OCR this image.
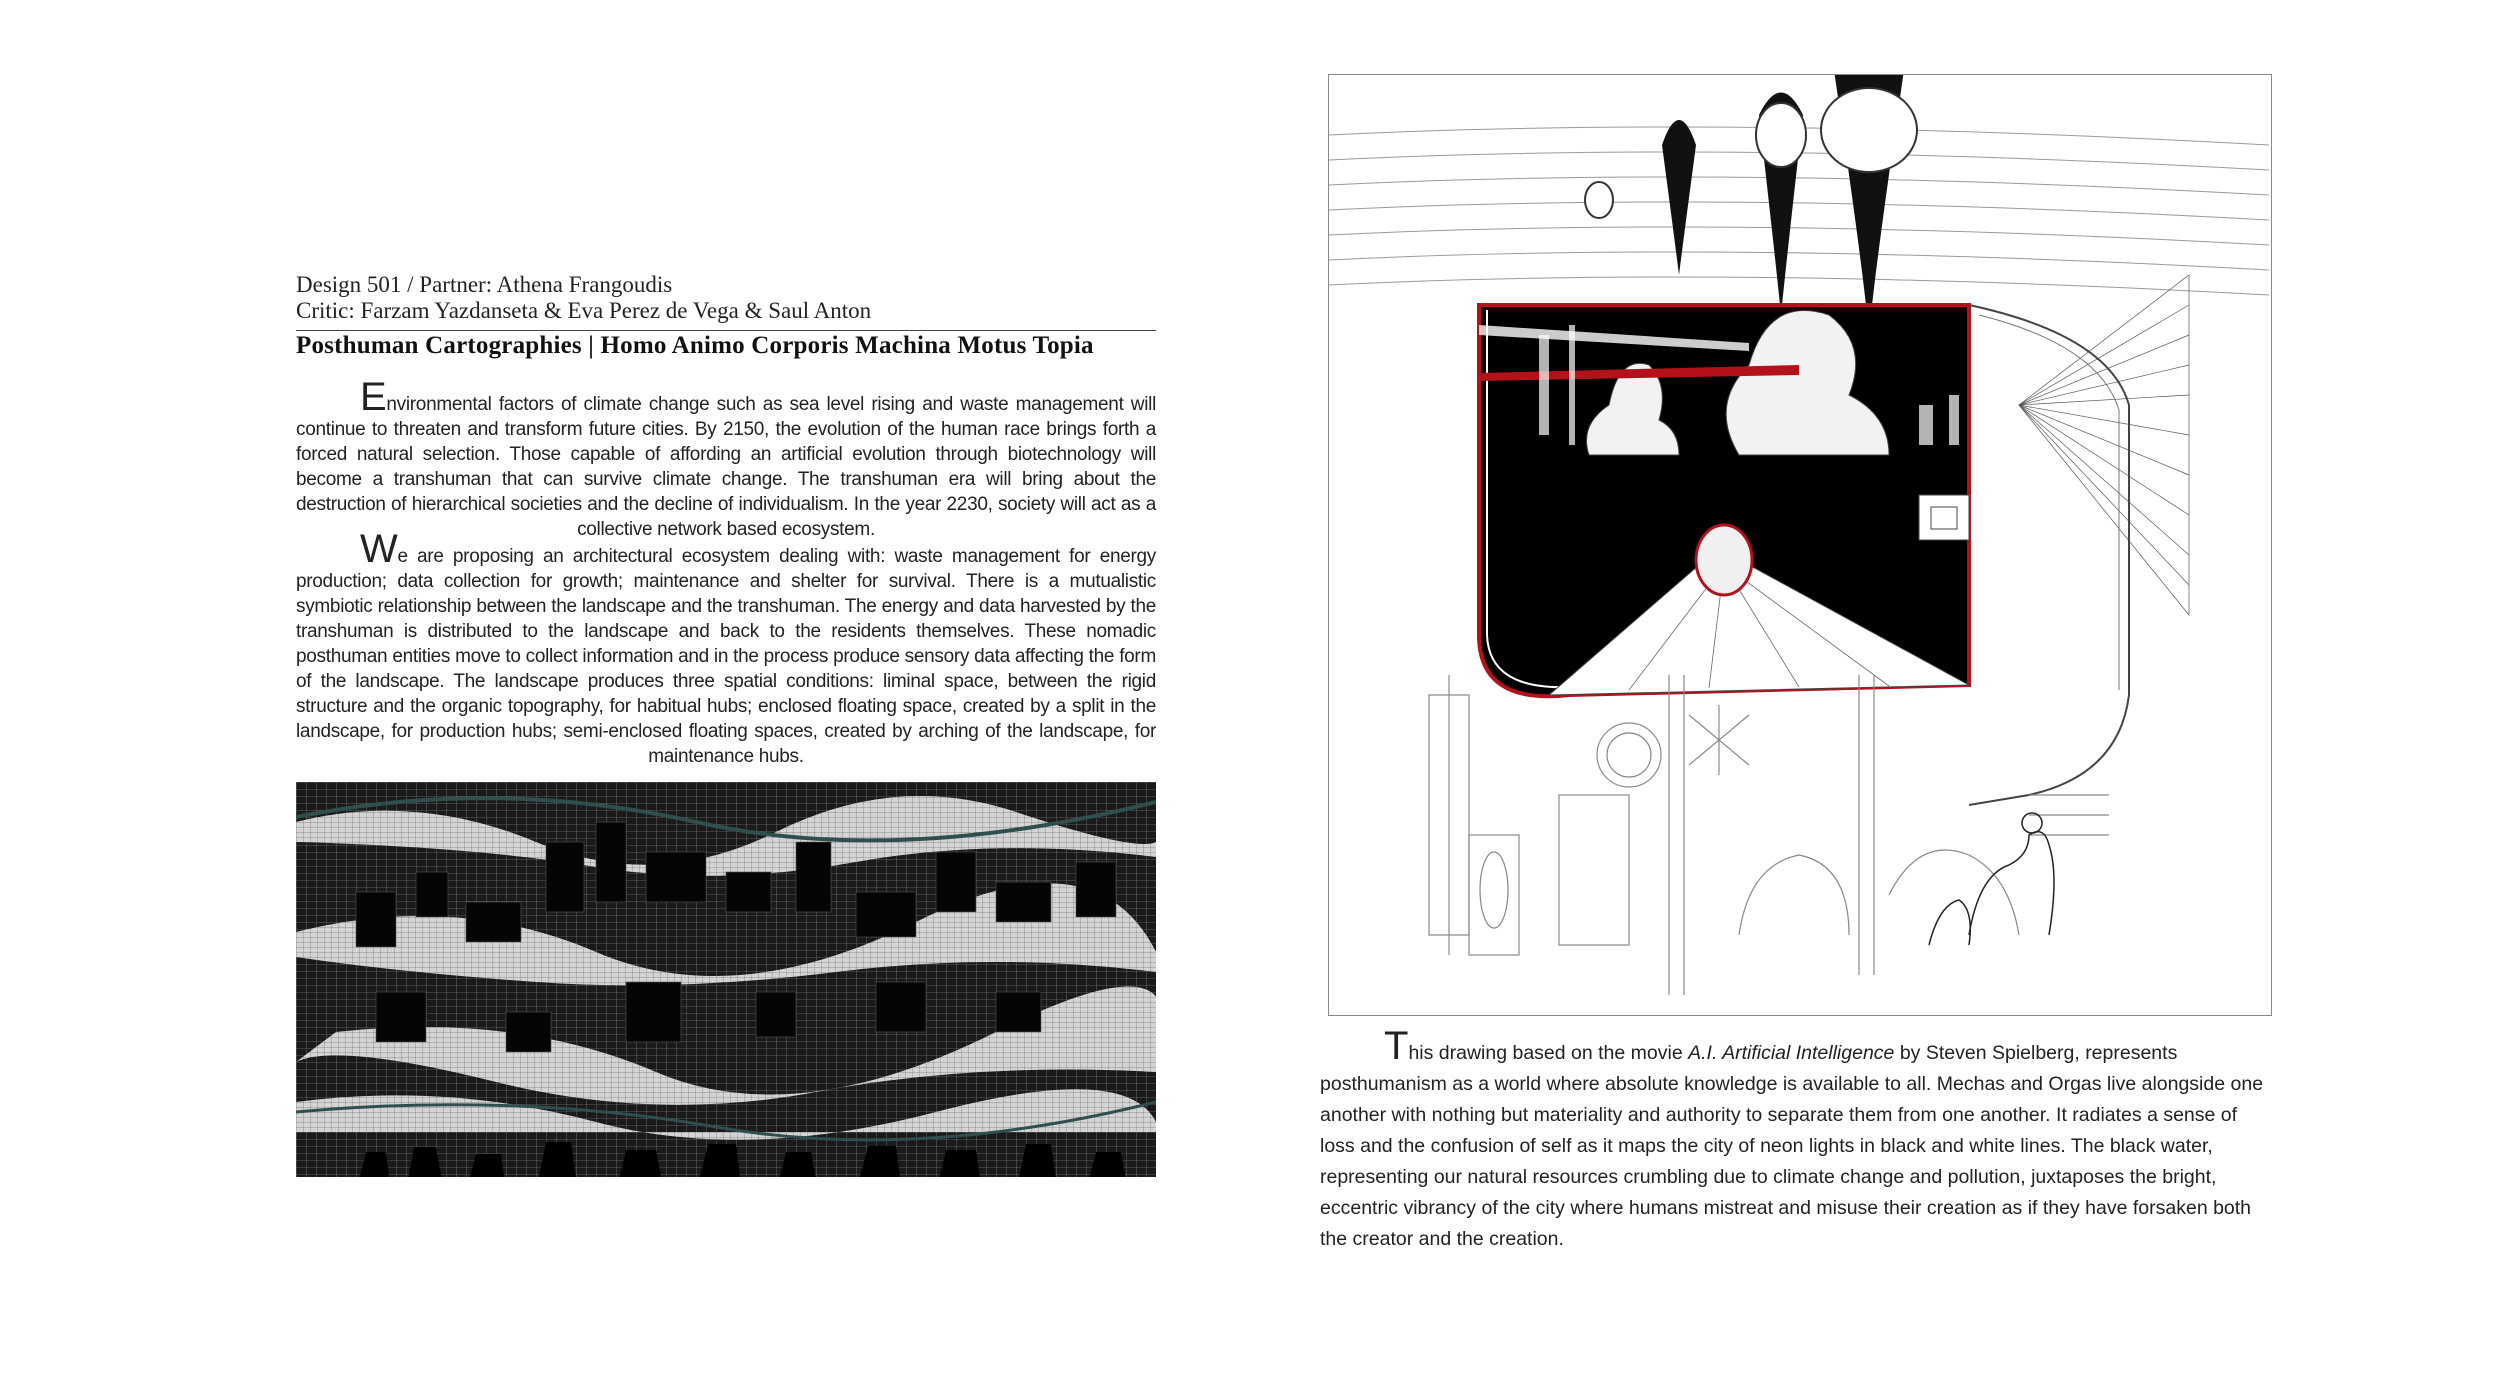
Design 501 / Partner: Athena Frangoudis
Critic: Farzam Yazdanseta & Eva Perez de Vega & Saul Anton
Posthuman Cartographies | Homo Animo Corporis Machina Motus Topia
Environmental factors of climate change such as sea level rising and waste management will continue to threaten and transform future cities. By 2150, the evolution of the human race brings forth a forced natural selection. Those capable of affording an artificial evolution through biotechnology will become a transhuman that can survive climate change. The transhuman era will bring about the destruction of hierarchical societies and the decline of individualism. In the year 2230, society will act as a collective network based ecosystem.
We are proposing an architectural ecosystem dealing with: waste management for energy production; data collection for growth; maintenance and shelter for survival. There is a mutualistic symbiotic relationship between the landscape and the transhuman. The energy and data harvested by the transhuman is distributed to the landscape and back to the residents themselves. These nomadic posthuman entities move to collect information and in the process produce sensory data affecting the form of the landscape. The landscape produces three spatial conditions: liminal space, between the rigid structure and the organic topography, for habitual hubs; enclosed floating space, created by a split in the landscape, for production hubs; semi-enclosed floating spaces, created by arching of the landscape, for maintenance hubs.
This drawing based on the movie A.I. Artificial Intelligence by Steven Spielberg, represents posthumanism as a world where absolute knowledge is available to all. Mechas and Orgas live alongside one another with nothing but materiality and authority to separate them from one another. It radiates a sense of loss and the confusion of self as it maps the city of neon lights in black and white lines. The black water, representing our natural resources crumbling due to climate change and pollution, juxtaposes the bright, eccentric vibrancy of the city where humans mistreat and misuse their creation as if they have forsaken both the creator and the creation.
